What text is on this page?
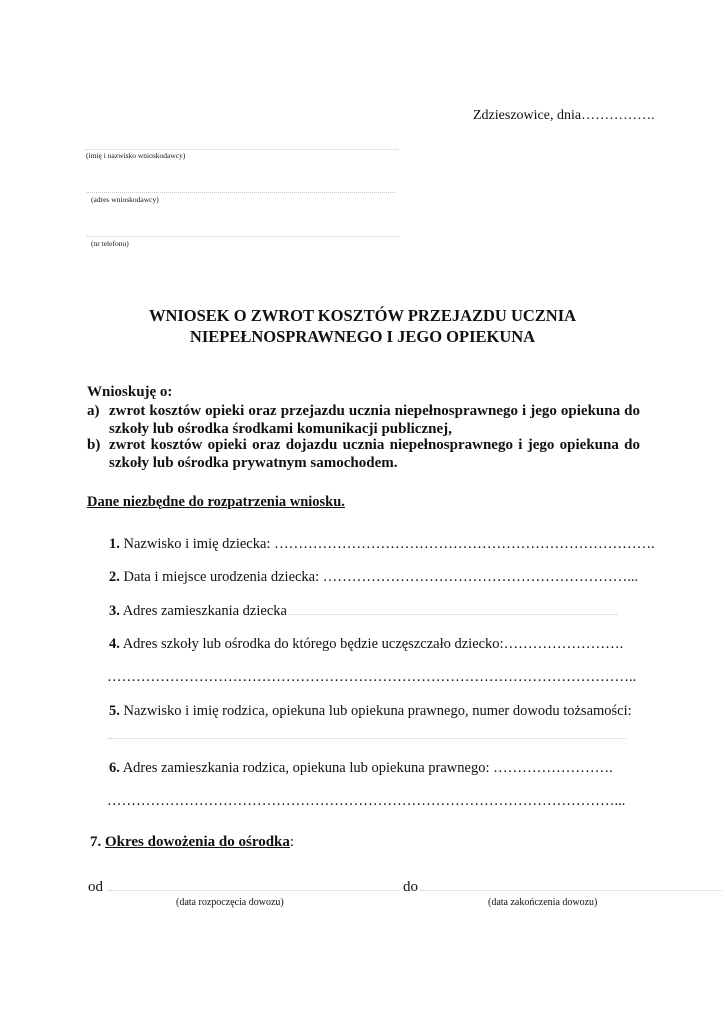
Zdzieszowice, dnia…………….
(imię i nazwisko wnioskodawcy)
(adres wnioskodawcy)
(nr telefonu)
WNIOSEK O ZWROT KOSZTÓW PRZEJAZDU UCZNIA
NIEPEŁNOSPRAWNEGO I JEGO OPIEKUNA
Wnioskuję o:
a) zwrot kosztów opieki oraz przejazdu ucznia niepełnosprawnego i jego opiekuna do
szkoły lub ośrodka środkami komunikacji publicznej,
b) zwrot kosztów opieki oraz dojazdu ucznia niepełnosprawnego i jego opiekuna do
szkoły lub ośrodka prywatnym samochodem.
Dane niezbędne do rozpatrzenia wniosku.
1. Nazwisko i imię dziecka: …………………………………………………………………….
2. Data i miejsce urodzenia dziecka: ………………………………………………………...
3. Adres zamieszkania dziecka
4. Adres szkoły lub ośrodka do którego będzie uczęszczało dziecko:…………………….
………………………………………………………………………………………………..
5. Nazwisko i imię rodzica, opiekuna lub opiekuna prawnego, numer dowodu tożsamości:
6. Adres zamieszkania rodzica, opiekuna lub opiekuna prawnego: …………………….
……………………………………………………………………………………………...
7. Okres dowożenia do ośrodka:
od	do
(data rozpoczęcia dowozu)	(data zakończenia dowozu)
